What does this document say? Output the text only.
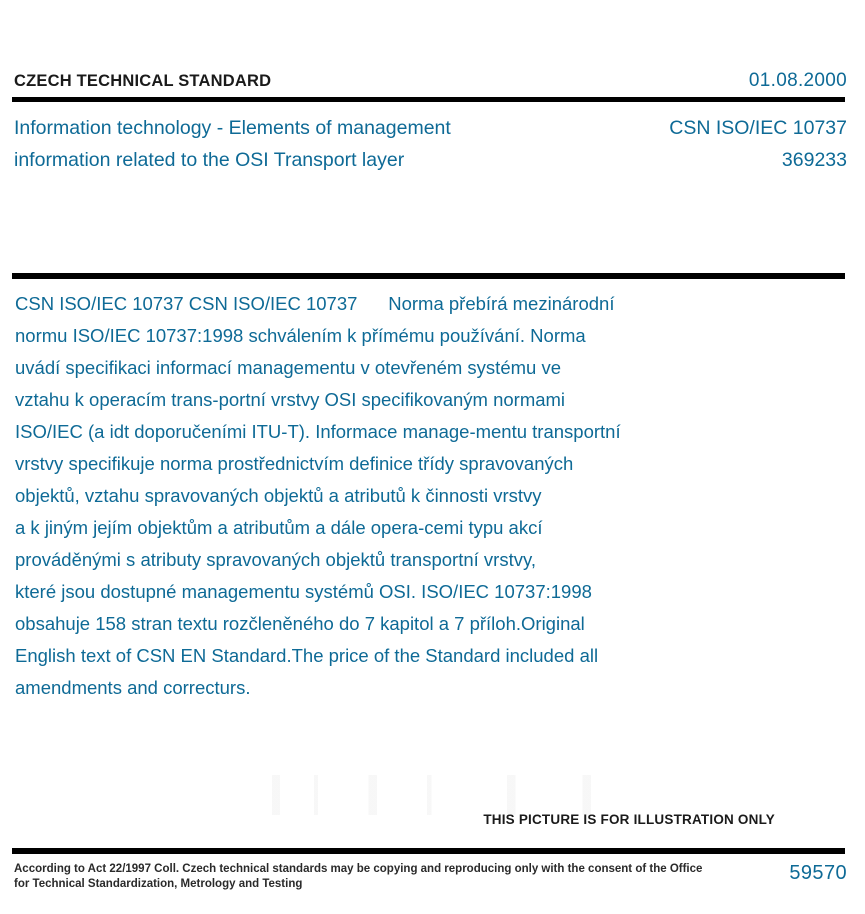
CZECH TECHNICAL STANDARD	01.08.2000
Information technology - Elements of management
information related to the OSI Transport layer
CSN ISO/IEC 10737
369233

CSN ISO/IEC 10737 CSN ISO/IEC 10737      Norma přebírá mezinárodní

normu ISO/IEC 10737:1998 schválením k přímému používání. Norma

uvádí specifikaci informací managementu v otevřeném systému ve

vztahu k operacím trans-portní vrstvy OSI specifikovaným normami

ISO/IEC (a idt doporučeními ITU-T). Informace manage-mentu transportní

vrstvy specifikuje norma prostřednictvím definice třídy spravovaných

objektů, vztahu spravovaných objektů a atributů k činnosti vrstvy

a k jiným jejím objektům a atributům a dále opera-cemi typu akcí

prováděnými s atributy spravovaných objektů transportní vrstvy,

které jsou dostupné managementu systémů OSI. ISO/IEC 10737:1998

obsahuje 158 stran textu rozčleněného do 7 kapitol a 7 příloh.Original

English text of CSN EN Standard.The price of the Standard included all

amendments and correcturs.

THIS PICTURE IS FOR ILLUSTRATION ONLY
According to Act 22/1997 Coll. Czech technical standards may be copying and reproducing only with the consent of the Office
for Technical Standardization, Metrology and Testing	59570
